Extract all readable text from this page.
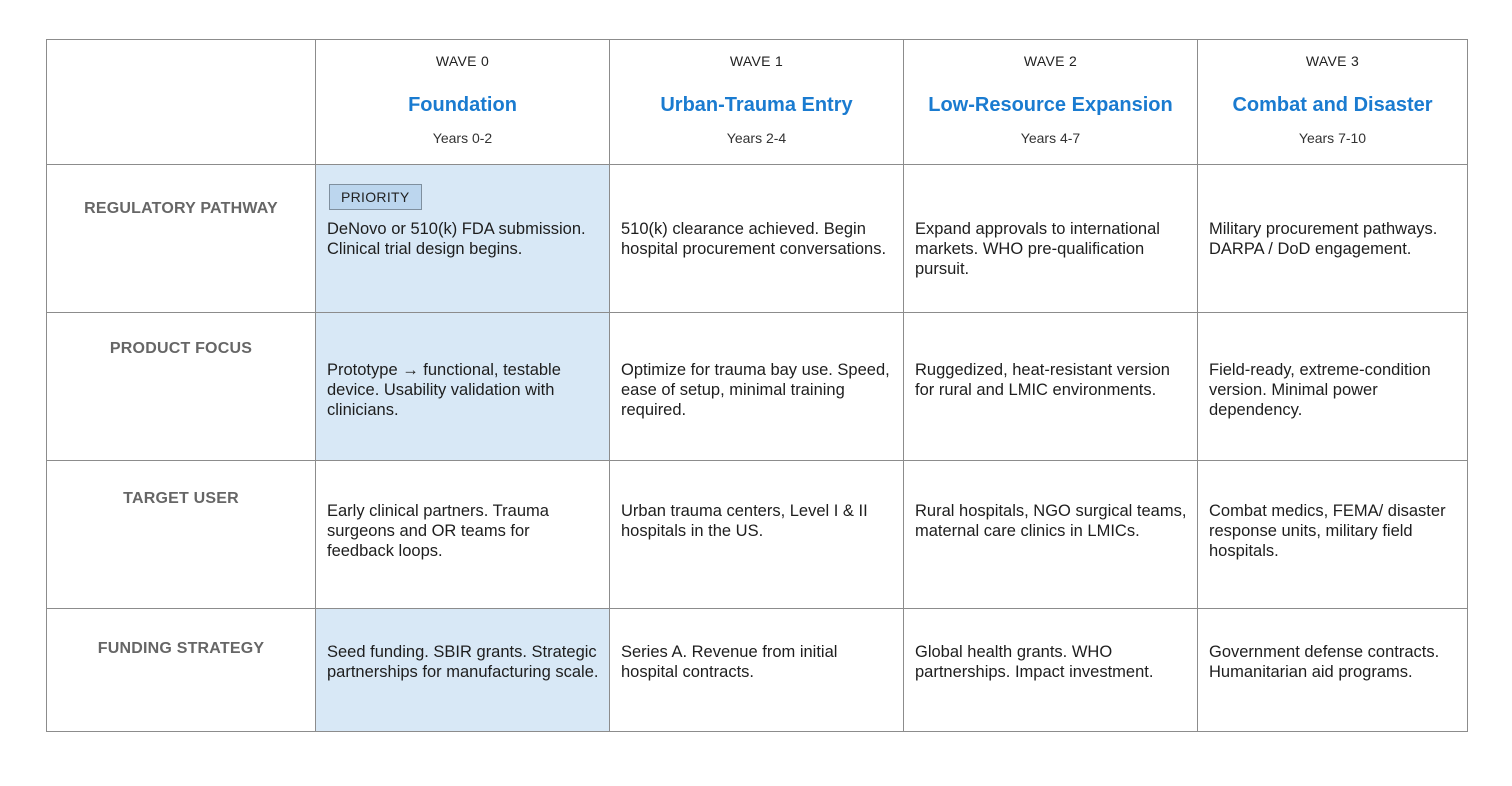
WAVE 0
Foundation
Years 0-2
WAVE 1
Urban-Trauma Entry
Years 2-4
WAVE 2
Low-Resource Expansion
Years 4-7
WAVE 3
Combat and Disaster
Years 7-10
REGULATORY PATHWAY
PRIORITY
DeNovo or 510(k) FDA submission. Clinical trial design begins.
510(k) clearance achieved. Begin hospital procurement conversations.
Expand approvals to international markets. WHO pre-qualification pursuit.
Military procurement pathways. DARPA / DoD engagement.
PRODUCT FOCUS
Prototype → functional, testable device. Usability validation with clinicians.
Optimize for trauma bay use. Speed, ease of setup, minimal training required.
Ruggedized, heat-resistant version for rural and LMIC environments.
Field-ready, extreme-condition version. Minimal power dependency.
TARGET USER
Early clinical partners. Trauma surgeons and OR teams for feedback loops.
Urban trauma centers, Level I & II hospitals in the US.
Rural hospitals, NGO surgical teams, maternal care clinics in LMICs.
Combat medics, FEMA/ disaster response units, military field hospitals.
FUNDING STRATEGY	Seed funding. SBIR grants. Strategic partnerships for manufacturing scale.
Series A. Revenue from initial hospital contracts.
Global health grants. WHO partnerships. Impact investment.
Government defense contracts. Humanitarian aid programs.
